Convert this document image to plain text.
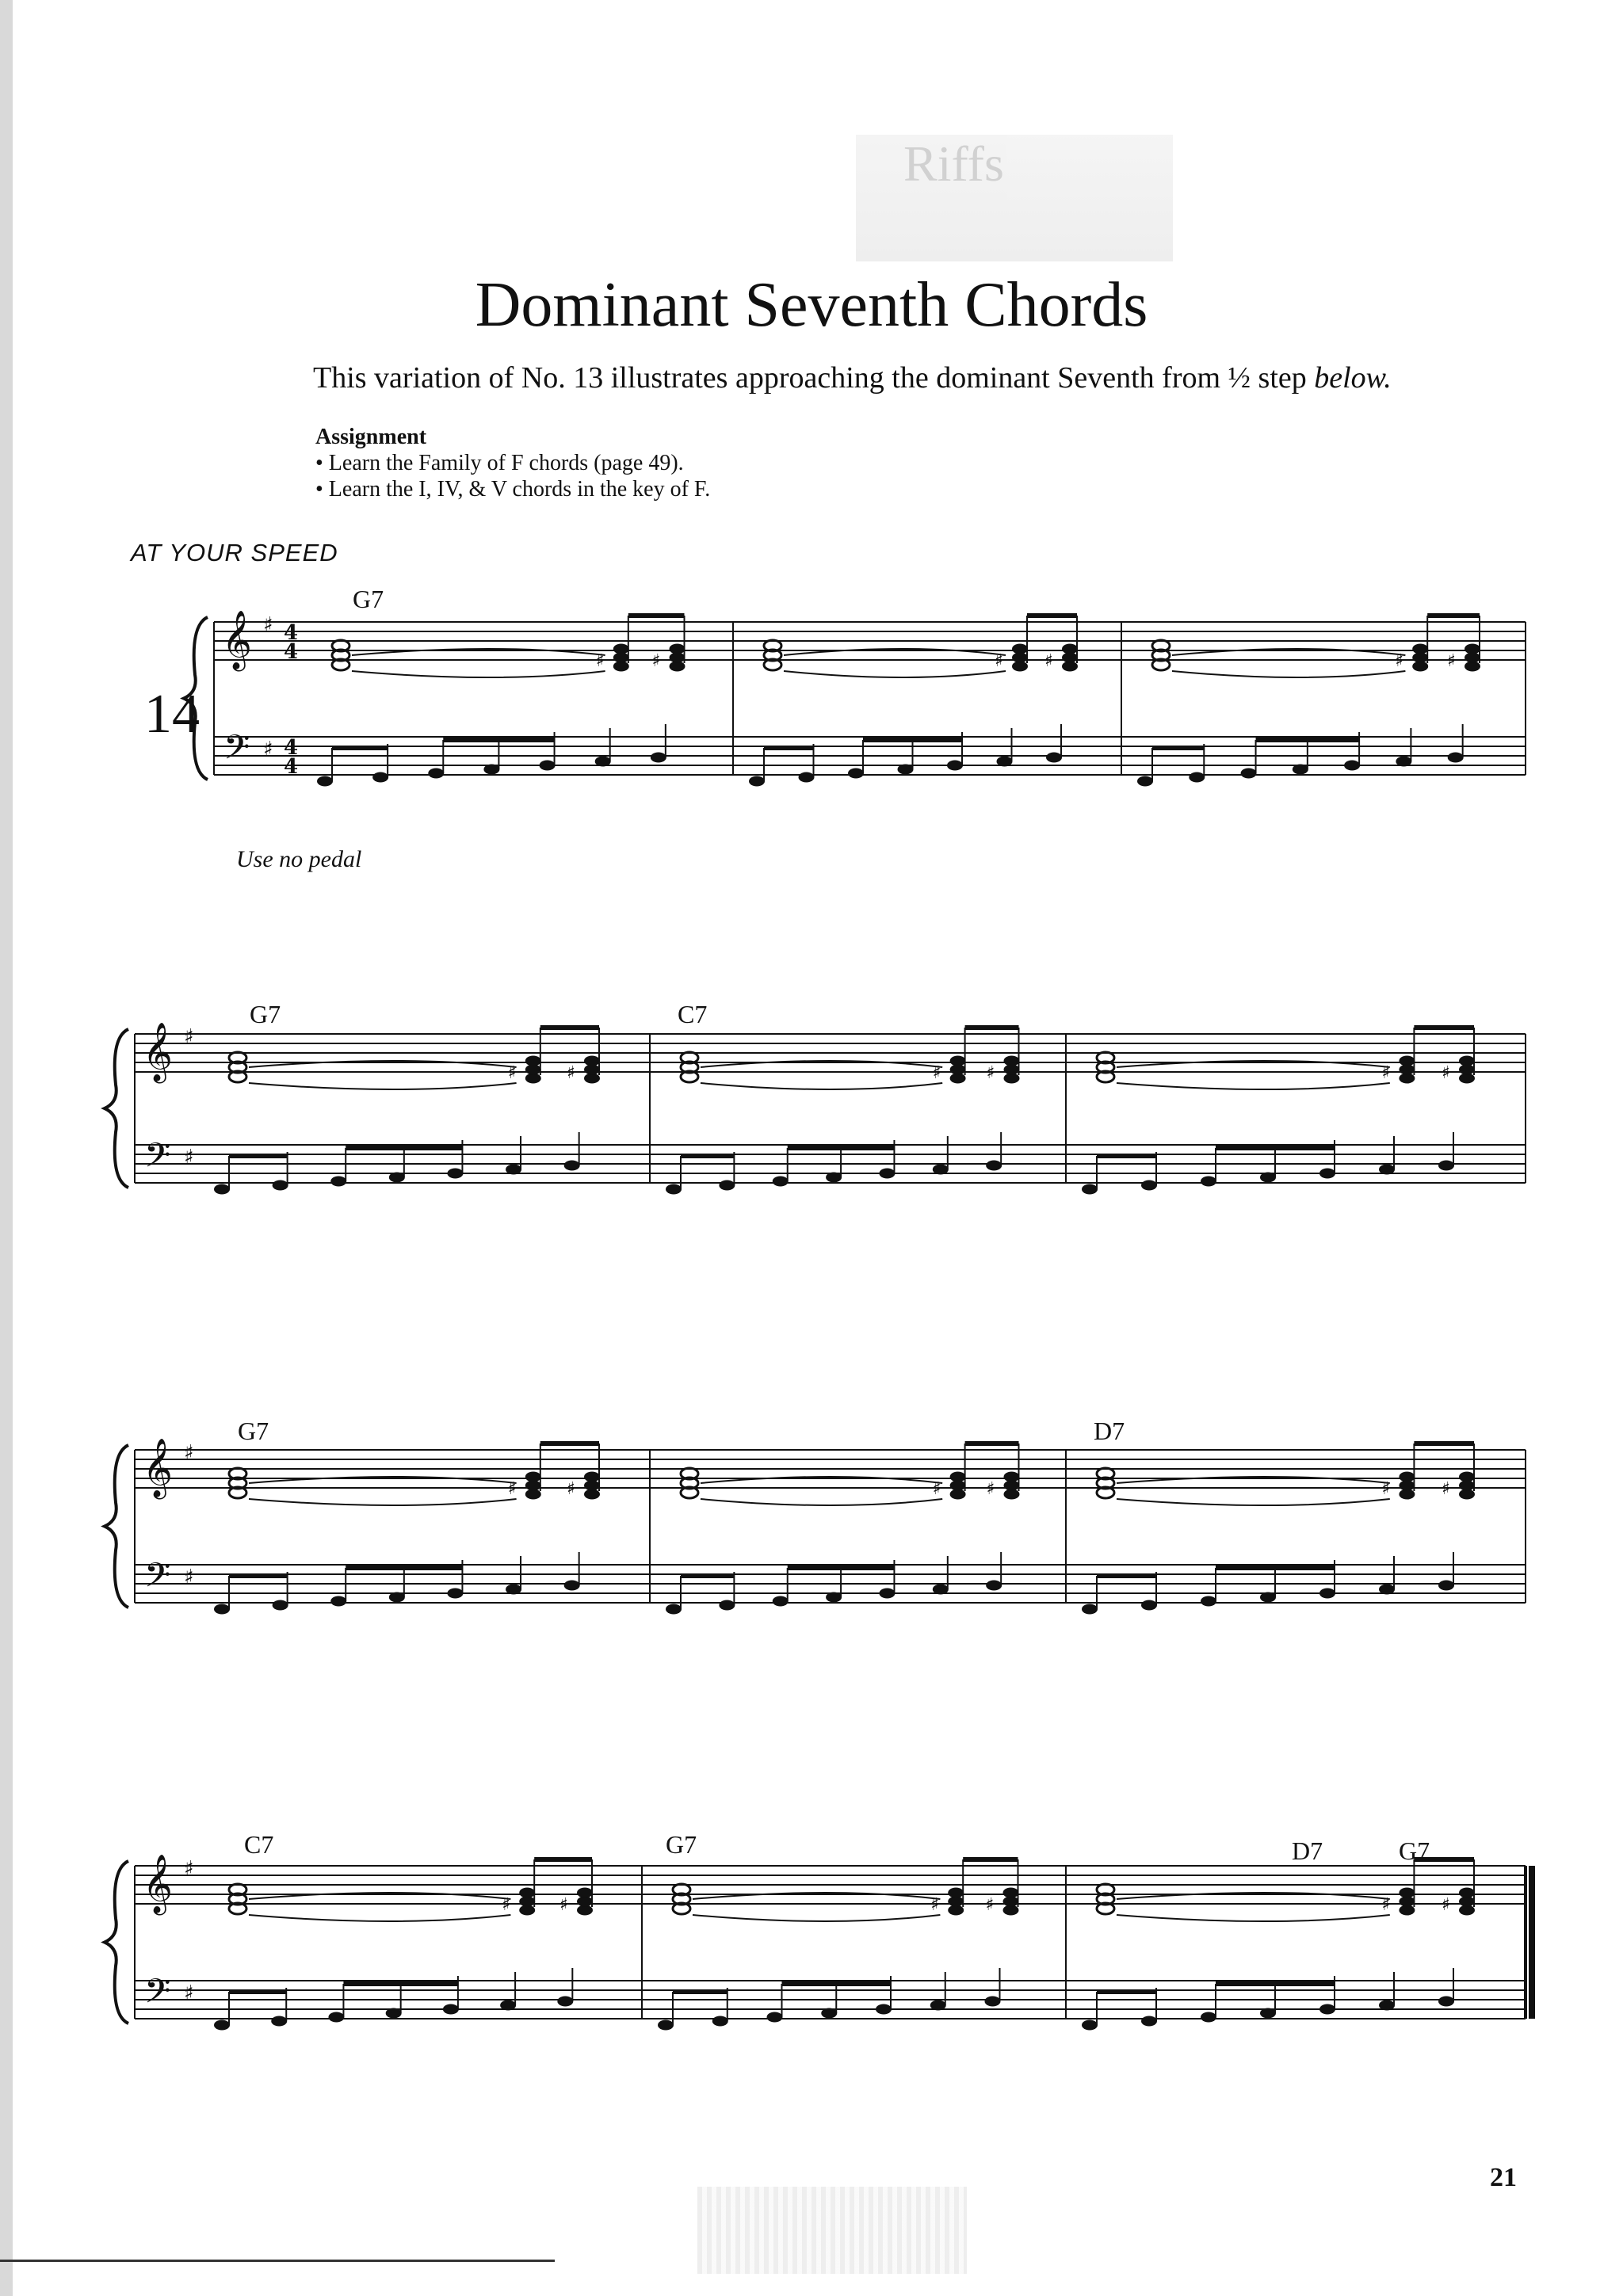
Riffs
Dominant Seventh Chords
This variation of No. 13 illustrates approaching the dominant Seventh from ½ step below.
Assignment
• Learn the Family of F chords (page 49).
• Learn the I, IV, & V chords in the key of F.
AT YOUR SPEED
14
Use no pedal
G7
G7	C7
G7	D7
C7	G7	D7	G7
21
𝄞
𝄢
♯
♯
4
4
4
4
♯	♯	♯ ♯	♯	♯
𝄞
𝄢
♯
♯
♯	♯	♯	♯	♯	♯
𝄞
𝄢
♯
♯
♯	♯	♯	♯	♯	♯
𝄞
𝄢
♯
♯
♯	♯	♯	♯	♯	♯
